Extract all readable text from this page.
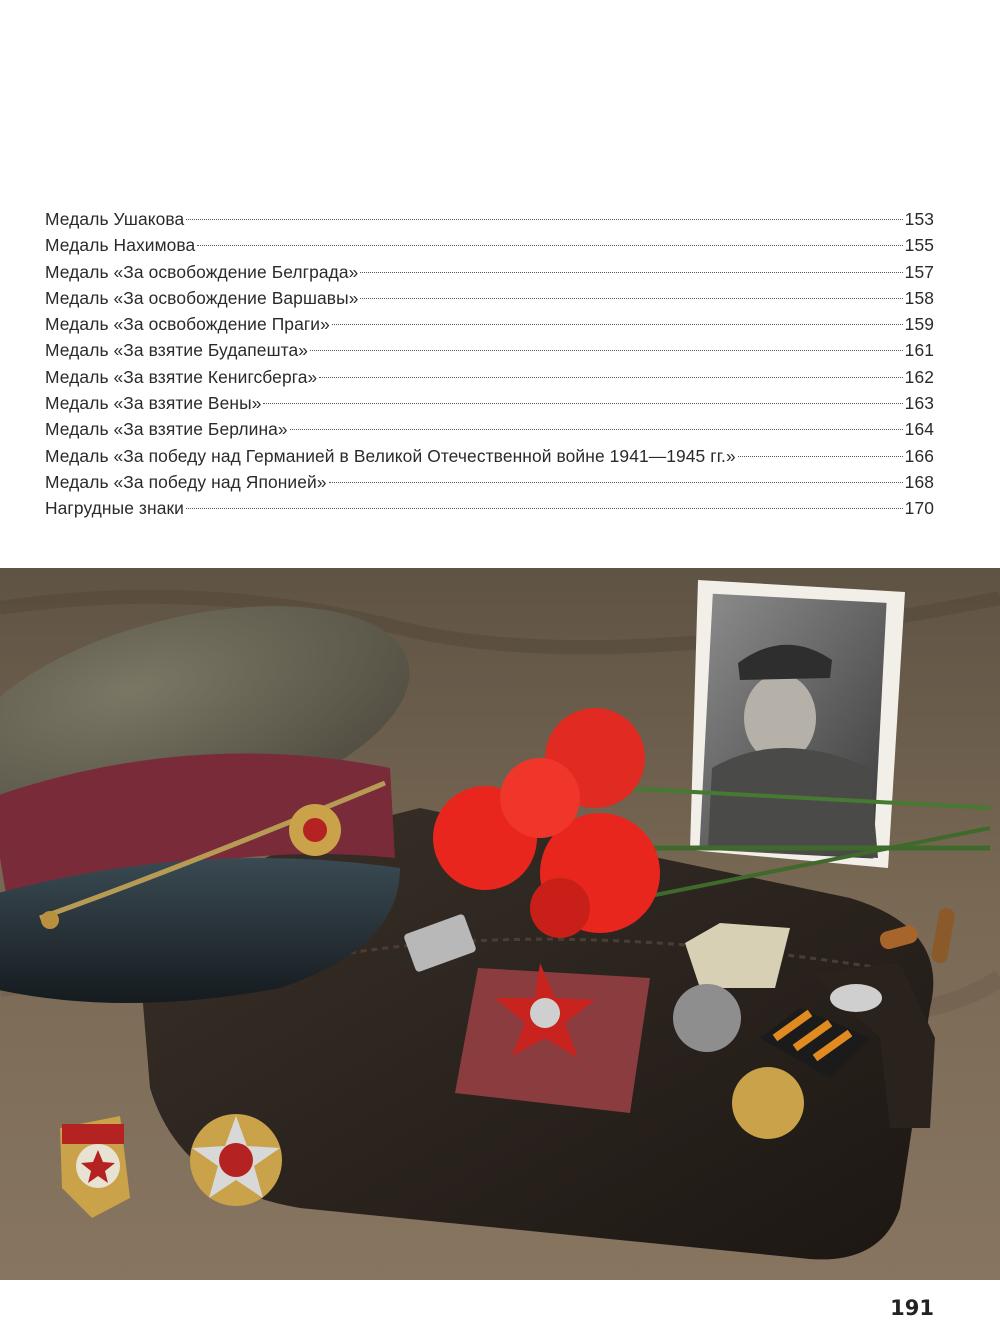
Медаль Ушакова	153
Медаль Нахимова	155
Медаль «За освобождение Белграда»	157
Медаль «За освобождение Варшавы»	158
Медаль «За освобождение Праги»	159
Медаль «За взятие Будапешта»	161
Медаль «За взятие Кенигсберга»	162
Медаль «За взятие Вены»	163
Медаль «За взятие Берлина»	164
Медаль «За победу над Германией в Великой Отечественной войне 1941—1945 гг.»	166
Медаль «За победу над Японией»	168
Нагрудные знаки	170
191
